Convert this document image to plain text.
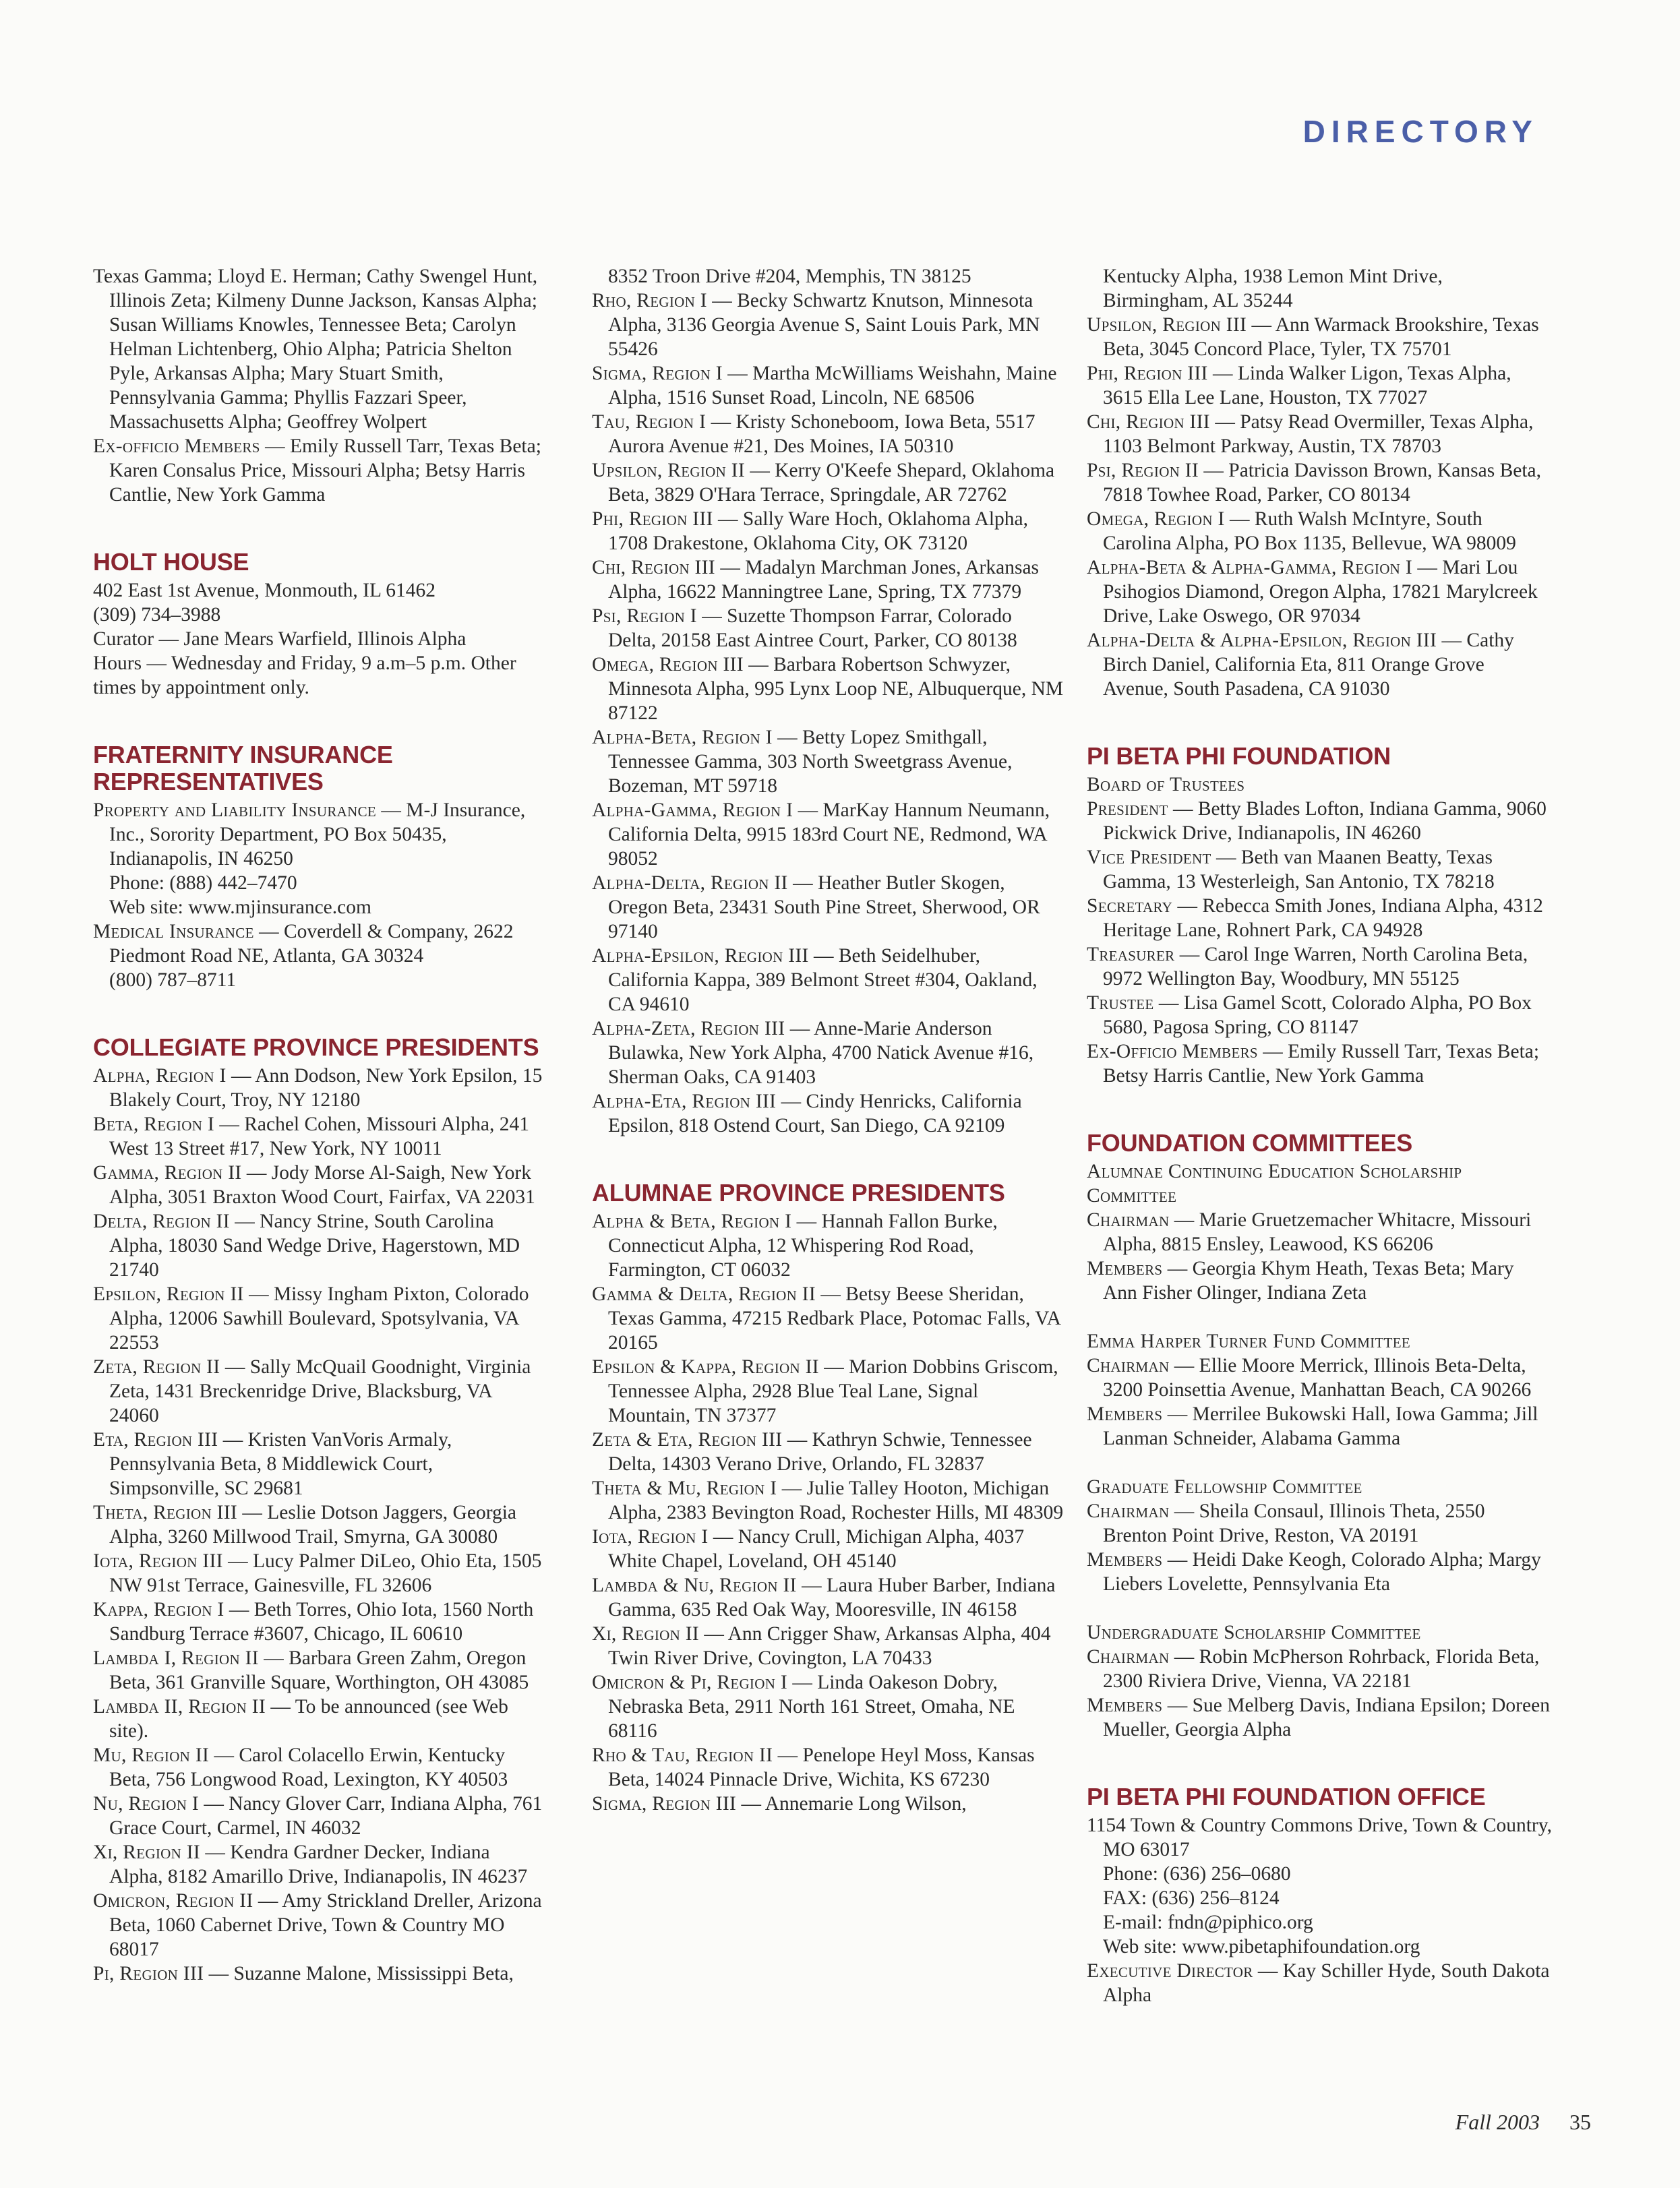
DIRECTORY

Texas Gamma; Lloyd E. Herman; Cathy Swengel Hunt, Illinois Zeta; Kilmeny Dunne Jackson, Kansas Alpha; Susan Williams Knowles, Tennessee Beta; Carolyn Helman Lichtenberg, Ohio Alpha; Patricia Shelton Pyle, Arkansas Alpha; Mary Stuart Smith, Pennsylvania Gamma; Phyllis Fazzari Speer, Massachusetts Alpha; Geoffrey Wolpert

Ex-officio Members — Emily Russell Tarr, Texas Beta; Karen Consalus Price, Missouri Alpha; Betsy Harris Cantlie, New York Gamma

HOLT HOUSE

402 East 1st Avenue, Monmouth, IL 61462

(309) 734–3988

Curator — Jane Mears Warfield, Illinois Alpha

Hours — Wednesday and Friday, 9 a.m–5 p.m. Other times by appointment only.

FRATERNITY INSURANCE REPRESENTATIVES
Property and Liability Insurance — M-J Insurance, Inc., Sorority Department, PO Box 50435, Indianapolis, IN 46250
Phone: (888) 442–7470
Web site: www.mjinsurance.com
Medical Insurance — Coverdell & Company, 2622 Piedmont Road NE, Atlanta, GA 30324
(800) 787–8711
COLLEGIATE PROVINCE PRESIDENTS

Alpha, Region I — Ann Dodson, New York Epsilon, 15 Blakely Court, Troy, NY 12180

Beta, Region I — Rachel Cohen, Missouri Alpha, 241 West 13 Street #17, New York, NY 10011

Gamma, Region II — Jody Morse Al-Saigh, New York Alpha, 3051 Braxton Wood Court, Fairfax, VA 22031

Delta, Region II — Nancy Strine, South Carolina Alpha, 18030 Sand Wedge Drive, Hagerstown, MD 21740

Epsilon, Region II — Missy Ingham Pixton, Colorado Alpha, 12006 Sawhill Boulevard, Spotsylvania, VA 22553

Zeta, Region II — Sally McQuail Goodnight, Virginia Zeta, 1431 Breckenridge Drive, Blacksburg, VA 24060

Eta, Region III — Kristen VanVoris Armaly, Pennsylvania Beta, 8 Middlewick Court, Simpsonville, SC 29681

Theta, Region III — Leslie Dotson Jaggers, Georgia Alpha, 3260 Millwood Trail, Smyrna, GA 30080

Iota, Region III — Lucy Palmer DiLeo, Ohio Eta, 1505 NW 91st Terrace, Gainesville, FL 32606

Kappa, Region I — Beth Torres, Ohio Iota, 1560 North Sandburg Terrace #3607, Chicago, IL 60610

Lambda I, Region II — Barbara Green Zahm, Oregon Beta, 361 Granville Square, Worthington, OH 43085

Lambda II, Region II — To be announced (see Web site).

Mu, Region II — Carol Colacello Erwin, Kentucky Beta, 756 Longwood Road, Lexington, KY 40503

Nu, Region I — Nancy Glover Carr, Indiana Alpha, 761 Grace Court, Carmel, IN 46032

Xi, Region II — Kendra Gardner Decker, Indiana Alpha, 8182 Amarillo Drive, Indianapolis, IN 46237

Omicron, Region II — Amy Strickland Dreller, Arizona Beta, 1060 Cabernet Drive, Town & Country MO 68017

Pi, Region III — Suzanne Malone, Mississippi Beta,

8352 Troon Drive #204, Memphis, TN 38125

Rho, Region I — Becky Schwartz Knutson, Minnesota Alpha, 3136 Georgia Avenue S, Saint Louis Park, MN 55426

Sigma, Region I — Martha McWilliams Weishahn, Maine Alpha, 1516 Sunset Road, Lincoln, NE 68506

Tau, Region I — Kristy Schoneboom, Iowa Beta, 5517 Aurora Avenue #21, Des Moines, IA 50310

Upsilon, Region II — Kerry O'Keefe Shepard, Oklahoma Beta, 3829 O'Hara Terrace, Springdale, AR 72762

Phi, Region III — Sally Ware Hoch, Oklahoma Alpha, 1708 Drakestone, Oklahoma City, OK 73120

Chi, Region III — Madalyn Marchman Jones, Arkansas Alpha, 16622 Manningtree Lane, Spring, TX 77379

Psi, Region I — Suzette Thompson Farrar, Colorado Delta, 20158 East Aintree Court, Parker, CO 80138

Omega, Region III — Barbara Robertson Schwyzer, Minnesota Alpha, 995 Lynx Loop NE, Albuquerque, NM 87122

Alpha-Beta, Region I — Betty Lopez Smithgall, Tennessee Gamma, 303 North Sweetgrass Avenue, Bozeman, MT 59718

Alpha-Gamma, Region I — MarKay Hannum Neumann, California Delta, 9915 183rd Court NE, Redmond, WA 98052

Alpha-Delta, Region II — Heather Butler Skogen, Oregon Beta, 23431 South Pine Street, Sherwood, OR 97140

Alpha-Epsilon, Region III — Beth Seidelhuber, California Kappa, 389 Belmont Street #304, Oakland, CA 94610

Alpha-Zeta, Region III — Anne-Marie Anderson Bulawka, New York Alpha, 4700 Natick Avenue #16, Sherman Oaks, CA 91403

Alpha-Eta, Region III — Cindy Henricks, California Epsilon, 818 Ostend Court, San Diego, CA 92109

ALUMNAE PROVINCE PRESIDENTS

Alpha & Beta, Region I — Hannah Fallon Burke, Connecticut Alpha, 12 Whispering Rod Road, Farmington, CT 06032

Gamma & Delta, Region II — Betsy Beese Sheridan, Texas Gamma, 47215 Redbark Place, Potomac Falls, VA 20165

Epsilon & Kappa, Region II — Marion Dobbins Griscom, Tennessee Alpha, 2928 Blue Teal Lane, Signal Mountain, TN 37377

Zeta & Eta, Region III — Kathryn Schwie, Tennessee Delta, 14303 Verano Drive, Orlando, FL 32837

Theta & Mu, Region I — Julie Talley Hooton, Michigan Alpha, 2383 Bevington Road, Rochester Hills, MI 48309

Iota, Region I — Nancy Crull, Michigan Alpha, 4037 White Chapel, Loveland, OH 45140

Lambda & Nu, Region II — Laura Huber Barber, Indiana Gamma, 635 Red Oak Way, Mooresville, IN 46158

Xi, Region II — Ann Crigger Shaw, Arkansas Alpha, 404 Twin River Drive, Covington, LA 70433

Omicron & Pi, Region I — Linda Oakeson Dobry, Nebraska Beta, 2911 North 161 Street, Omaha, NE 68116

Rho & Tau, Region II — Penelope Heyl Moss, Kansas Beta, 14024 Pinnacle Drive, Wichita, KS 67230

Sigma, Region III — Annemarie Long Wilson,

Kentucky Alpha, 1938 Lemon Mint Drive, Birmingham, AL 35244

Upsilon, Region III — Ann Warmack Brookshire, Texas Beta, 3045 Concord Place, Tyler, TX 75701

Phi, Region III — Linda Walker Ligon, Texas Alpha, 3615 Ella Lee Lane, Houston, TX 77027

Chi, Region III — Patsy Read Overmiller, Texas Alpha, 1103 Belmont Parkway, Austin, TX 78703

Psi, Region II — Patricia Davisson Brown, Kansas Beta, 7818 Towhee Road, Parker, CO 80134

Omega, Region I — Ruth Walsh McIntyre, South Carolina Alpha, PO Box 1135, Bellevue, WA 98009

Alpha-Beta & Alpha-Gamma, Region I — Mari Lou Psihogios Diamond, Oregon Alpha, 17821 Marylcreek Drive, Lake Oswego, OR 97034

Alpha-Delta & Alpha-Epsilon, Region III — Cathy Birch Daniel, California Eta, 811 Orange Grove Avenue, South Pasadena, CA 91030

PI BETA PHI FOUNDATION

Board of Trustees

President — Betty Blades Lofton, Indiana Gamma, 9060 Pickwick Drive, Indianapolis, IN 46260

Vice President — Beth van Maanen Beatty, Texas Gamma, 13 Westerleigh, San Antonio, TX 78218

Secretary — Rebecca Smith Jones, Indiana Alpha, 4312 Heritage Lane, Rohnert Park, CA 94928

Treasurer — Carol Inge Warren, North Carolina Beta, 9972 Wellington Bay, Woodbury, MN 55125

Trustee — Lisa Gamel Scott, Colorado Alpha, PO Box 5680, Pagosa Spring, CO 81147

Ex-Officio Members — Emily Russell Tarr, Texas Beta; Betsy Harris Cantlie, New York Gamma

FOUNDATION COMMITTEES

Alumnae Continuing Education Scholarship Committee

Chairman — Marie Gruetzemacher Whitacre, Missouri Alpha, 8815 Ensley, Leawood, KS 66206

Members — Georgia Khym Heath, Texas Beta; Mary Ann Fisher Olinger, Indiana Zeta

Emma Harper Turner Fund Committee

Chairman — Ellie Moore Merrick, Illinois Beta-Delta, 3200 Poinsettia Avenue, Manhattan Beach, CA 90266

Members — Merrilee Bukowski Hall, Iowa Gamma; Jill Lanman Schneider, Alabama Gamma

Graduate Fellowship Committee

Chairman — Sheila Consaul, Illinois Theta, 2550 Brenton Point Drive, Reston, VA 20191

Members — Heidi Dake Keogh, Colorado Alpha; Margy Liebers Lovelette, Pennsylvania Eta

Undergraduate Scholarship Committee

Chairman — Robin McPherson Rohrback, Florida Beta, 2300 Riviera Drive, Vienna, VA 22181

Members — Sue Melberg Davis, Indiana Epsilon; Doreen Mueller, Georgia Alpha

PI BETA PHI FOUNDATION OFFICE

1154 Town & Country Commons Drive, Town & Country, MO 63017

Phone: (636) 256–0680

FAX: (636) 256–8124

E-mail: fndn@piphico.org

Web site: www.pibetaphifoundation.org

Executive Director — Kay Schiller Hyde, South Dakota Alpha

Fall 2003 35
